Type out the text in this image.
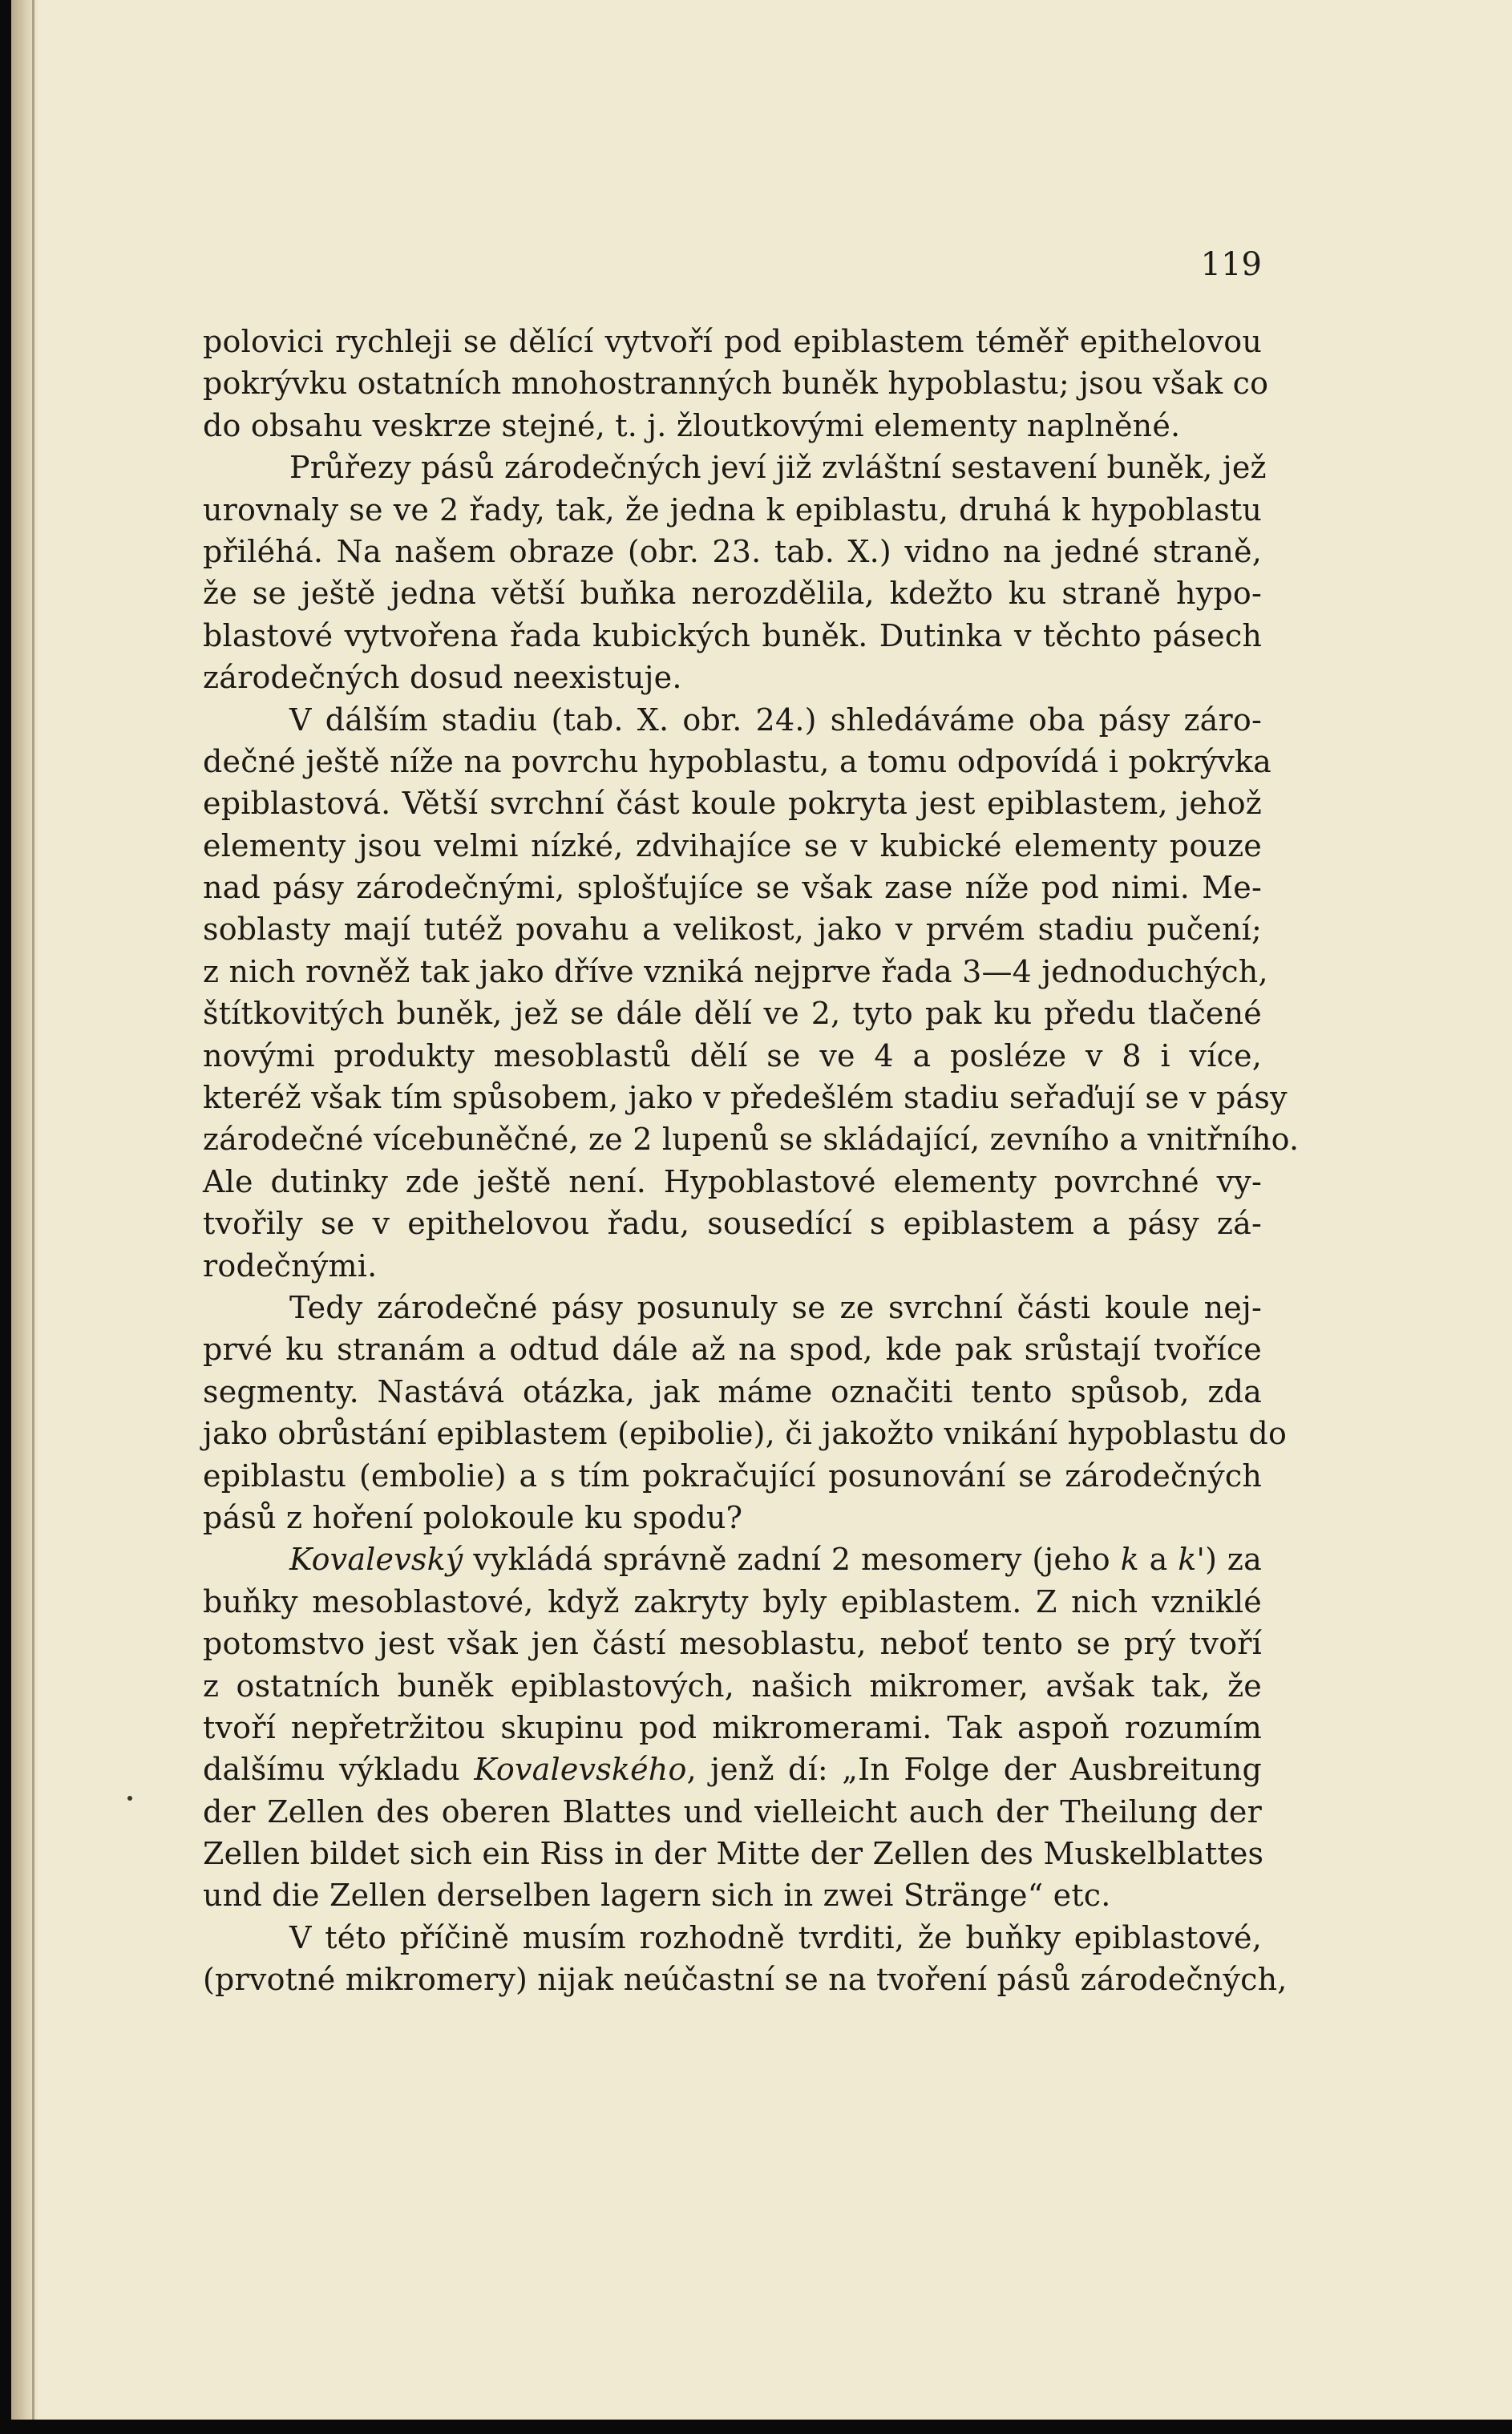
119
polovici rychleji se dělící vytvoří pod epiblastem téměř epithelovou
pokrývku ostatních mnohostranných buněk hypoblastu; jsou však co
do obsahu veskrze stejné, t. j. žloutkovými elementy naplněné.
Průřezy pásů zárodečných jeví již zvláštní sestavení buněk, jež
urovnaly se ve 2 řady, tak, že jedna k epiblastu, druhá k hypoblastu
přiléhá. Na našem obraze (obr. 23. tab. X.) vidno na jedné straně,
že se ještě jedna větší buňka nerozdělila, kdežto ku straně hypo-
blastové vytvořena řada kubických buněk. Dutinka v těchto pásech
zárodečných dosud neexistuje.
V dálším stadiu (tab. X. obr. 24.) shledáváme oba pásy záro-
dečné ještě níže na povrchu hypoblastu, a tomu odpovídá i pokrývka
epiblastová. Větší svrchní část koule pokryta jest epiblastem, jehož
elementy jsou velmi nízké, zdvihajíce se v kubické elementy pouze
nad pásy zárodečnými, splošťujíce se však zase níže pod nimi. Me-
soblasty mají tutéž povahu a velikost, jako v prvém stadiu pučení;
z nich rovněž tak jako dříve vzniká nejprve řada 3—4 jednoduchých,
štítkovitých buněk, jež se dále dělí ve 2, tyto pak ku předu tlačené
novými produkty mesoblastů dělí se ve 4 a posléze v 8 i více,
kteréž však tím spůsobem, jako v předešlém stadiu seřaďují se v pásy
zárodečné vícebuněčné, ze 2 lupenů se skládající, zevního a vnitřního.
Ale dutinky zde ještě není. Hypoblastové elementy povrchné vy-
tvořily se v epithelovou řadu, sousedící s epiblastem a pásy zá-
rodečnými.
Tedy zárodečné pásy posunuly se ze svrchní části koule nej-
prvé ku stranám a odtud dále až na spod, kde pak srůstají tvoříce
segmenty. Nastává otázka, jak máme označiti tento spůsob, zda
jako obrůstání epiblastem (epibolie), či jakožto vnikání hypoblastu do
epiblastu (embolie) a s tím pokračující posunování se zárodečných
pásů z hoření polokoule ku spodu?
Kovalevský vykládá správně zadní 2 mesomery (jeho k a k') za
buňky mesoblastové, když zakryty byly epiblastem. Z nich vzniklé
potomstvo jest však jen částí mesoblastu, neboť tento se prý tvoří
z ostatních buněk epiblastových, našich mikromer, avšak tak, že
tvoří nepřetržitou skupinu pod mikromerami. Tak aspoň rozumím
dalšímu výkladu Kovalevského, jenž dí: „In Folge der Ausbreitung
der Zellen des oberen Blattes und vielleicht auch der Theilung der
Zellen bildet sich ein Riss in der Mitte der Zellen des Muskelblattes
und die Zellen derselben lagern sich in zwei Stränge“ etc.
V této příčině musím rozhodně tvrditi, že buňky epiblastové,
(prvotné mikromery) nijak neúčastní se na tvoření pásů zárodečných,
